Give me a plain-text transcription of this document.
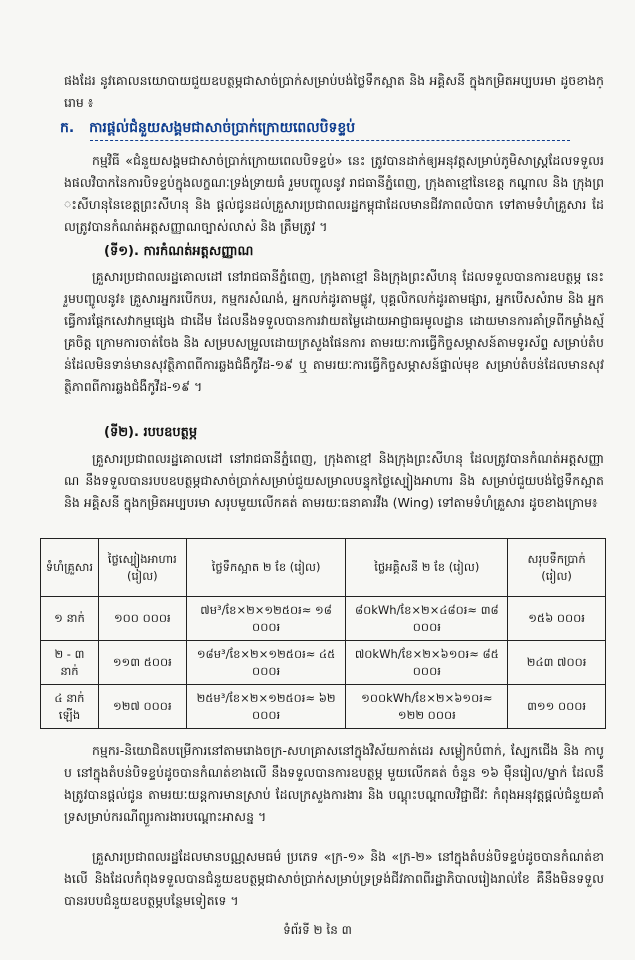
ផងដែរ នូវគោលនយោបាយជួយឧបត្ថម្ភជាសាច់ប្រាក់សម្រាប់បង់ថ្លៃទឹកស្អាត និង អគ្គិសនី ក្នុងកម្រិតអប្បបរមា ដូចខាងក្រោម ៖
ក. ការផ្ដល់ជំនួយសង្គមជាសាច់ប្រាក់ក្រោយពេលបិទខ្ទប់
កម្មវិធី «ជំនួយសង្គមជាសាច់ប្រាក់ក្រោយពេលបិទខ្ទប់» នេះ ត្រូវបានដាក់ឲ្យអនុវត្តសម្រាប់ភូមិសាស្ត្រដែលទទួលរងផលវិបាកនៃការបិទខ្ទប់ក្នុងលក្ខណៈទ្រង់ទ្រាយធំ រួមបញ្ចូលនូវ រាជធានីភ្នំពេញ, ក្រុងតាខ្មៅនៃខេត្ត កណ្ដាល និង ក្រុងព្រះសីហនុនៃខេត្តព្រះសីហនុ និង ផ្ដល់ជូនដល់គ្រួសារប្រជាពលរដ្ឋកម្ពុជាដែលមានជីវភាពលំបាក ទៅតាមទំហំគ្រួសារ ដែលត្រូវបានកំណត់អត្តសញ្ញាណច្បាស់លាស់ និង ត្រឹមត្រូវ ។
(ទី១). ការកំណត់អត្តសញ្ញាណ
គ្រួសារប្រជាពលរដ្ឋគោលដៅ នៅរាជធានីភ្នំពេញ, ក្រុងតាខ្មៅ និងក្រុងព្រះសីហនុ ដែលទទួលបានការឧបត្ថម្ភ នេះ រួមបញ្ចូលនូវ៖ គ្រួសារអ្នករបើកបរ, កម្មករសំណង់, អ្នកលក់ដូរតាមផ្លូវ, បុគ្គលិកលក់ដូរតាមផ្សារ, អ្នកបើសសំរាម និង អ្នកធ្វើការផ្ដែកសេវាកម្មផ្សេង ជាដើម ដែលនឹងទទួលបានការវាយតម្លៃដោយអាជ្ញាធរមូលដ្ឋាន ដោយមានការគាំទ្រពីកម្លាំងស្ម័គ្រចិត្ត ក្រោមការចាត់ចែង និង សម្របសម្រួលដោយក្រសួងផែនការ តាមរយៈការធ្វើកិច្ចសម្ភាសន៍តាមទូរស័ព្ទ សម្រាប់តំបន់ដែលមិនទាន់មានសុវត្ថិភាពពីការឆ្លងជំងឺកូវីដ-១៩ ឬ តាមរយៈការធ្វើកិច្ចសម្ភាសន៍ផ្ទាល់មុខ សម្រាប់តំបន់ដែលមានសុវត្ថិភាពពីការឆ្លងជំងឺកូវីដ-១៩ ។
(ទី២). របបឧបត្ថម្ភ
គ្រួសារប្រជាពលរដ្ឋគោលដៅ នៅរាជធានីភ្នំពេញ, ក្រុងតាខ្មៅ និងក្រុងព្រះសីហនុ ដែលត្រូវបានកំណត់អត្តសញ្ញាណ នឹងទទួលបានរបបឧបត្ថម្ភជាសាច់ប្រាក់សម្រាប់ជួយសម្រាលបន្ទុកថ្លៃស្បៀងអាហារ និង សម្រាប់ជួយបង់ថ្លៃទឹកស្អាត និង អគ្គិសនី ក្នុងកម្រិតអប្បបរមា សរុបមួយលើកគត់ តាមរយៈធនាគារវីង (Wing) ទៅតាមទំហំគ្រួសារ ដូចខាងក្រោម៖
ទំហំគ្រួសារ	ថ្លៃស្បៀងអាហារ (រៀល)	ថ្លៃទឹកស្អាត ២ ខែ (រៀល)	ថ្លៃអគ្គិសនី ២ ខែ (រៀល)	សរុបទឹកប្រាក់ (រៀល)
១ នាក់	១០០ ០០០៛	៧ម³/ខែ×២×១២៥០៛≈ ១៨ ០០០៛	៨០kWh/ខែ×២×៤៨០៛≈ ៣៨ ០០០៛	១៥៦ ០០០៛
២ - ៣ នាក់	១១៣ ៥០០៛	១៨ម³/ខែ×២×១២៥០៛≈ ៤៥ ០០០៛	៧០kWh/ខែ×២×៦១០៛≈ ៨៥ ០០០៛	២៤៣ ៧០០៛
៤ នាក់ឡើង	១២៧ ០០០៛	២៥ម³/ខែ×២×១២៥០៛≈ ៦២ ០០០៛	១០០kWh/ខែ×២×៦១០៛≈ ១២២ ០០០៛	៣១១ ០០០៛
កម្មករ-និយោជិតបម្រើការនៅតាមរោងចក្រ-សហគ្រាសនៅក្នុងវិស័យកាត់ដេរ សម្លៀកបំពាក់, ស្បែកជើង និង កាបូប នៅក្នុងតំបន់បិទខ្ទប់ដូចបានកំណត់ខាងលើ នឹងទទួលបានការឧបត្ថម្ភ មួយលើកគត់ ចំនួន ១៦ ម៉ឺនរៀល/ម្នាក់ ដែលនឹងត្រូវបានផ្ដល់ជូន តាមរយៈយន្តការមានស្រាប់ ដែលក្រសួងការងារ និង បណ្ដុះបណ្ដាលវិជ្ជាជីវៈ កំពុងអនុវត្តផ្ដល់ជំនួយគាំទ្រសម្រាប់ករណីព្យួរការងារបណ្ដោះអាសន្ន ។
គ្រួសារប្រជាពលរដ្ឋដែលមានបណ្ណសមធម៌ ប្រភេទ «ក្រ-១» និង «ក្រ-២» នៅក្នុងតំបន់បិទខ្ទប់ដូចបានកំណត់ខាងលើ និងដែលកំពុងទទួលបានជំនួយឧបត្ថម្ភជាសាច់ប្រាក់សម្រាប់ទ្រទ្រង់ជីវភាពពីរដ្ឋាភិបាលរៀងរាល់ខែ គឺនឹងមិនទទួលបានរបបជំនួយឧបត្ថម្ភបន្ថែមទៀតទេ ។
ទំព័រទី ២ នៃ ៣
